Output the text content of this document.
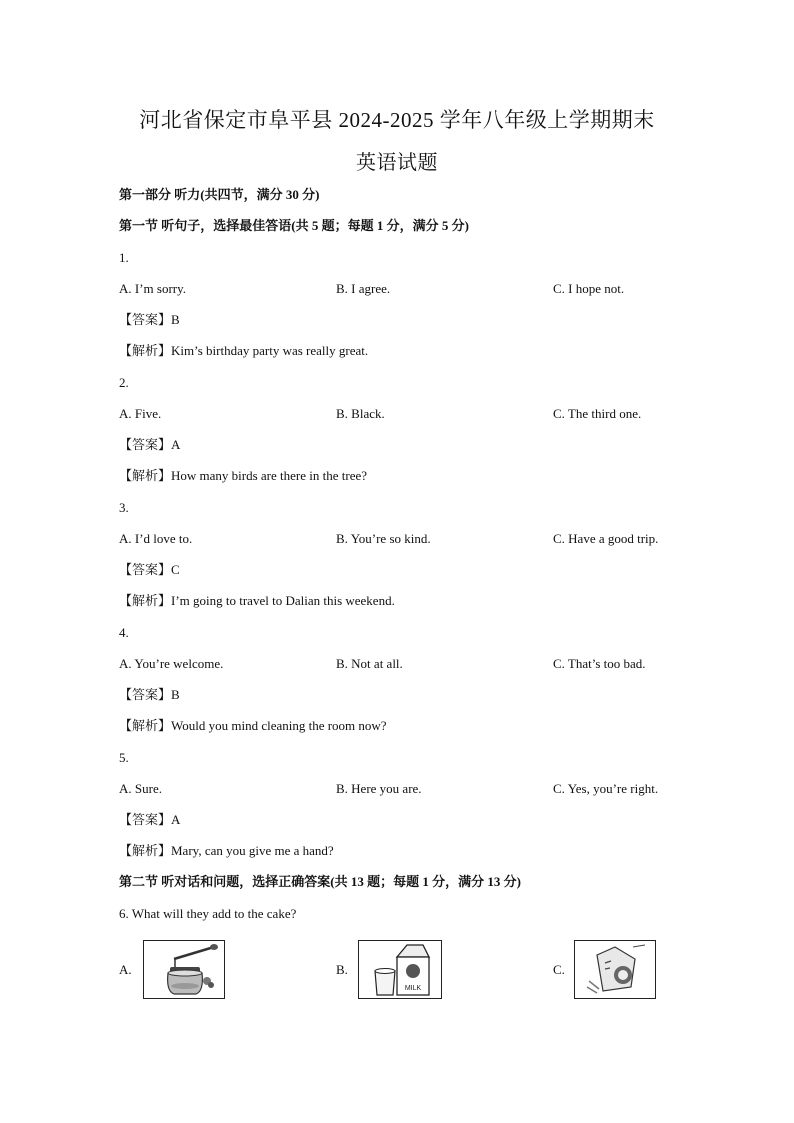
河北省保定市阜平县 2024-2025 学年八年级上学期期末
英语试题
第一部分 听力(共四节，满分 30 分)
第一节 听句子，选择最佳答语(共 5 题；每题 1 分，满分 5 分)
1.
A. I’m sorry.	B. I agree.	C. I hope not.
【答案】B
【解析】Kim’s birthday party was really great.
2.
A. Five.	B. Black.	C. The third one.
【答案】A
【解析】How many birds are there in the tree?
3.
A. I’d love to.	B. You’re so kind.	C. Have a good trip.
【答案】C
【解析】I’m going to travel to Dalian this weekend.
4.
A. You’re welcome.	B. Not at all.	C. That’s too bad.
【答案】B
【解析】Would you mind cleaning the room now?
5.
A. Sure.	B. Here you are.	C. Yes, you’re right.
【答案】A
【解析】Mary, can you give me a hand?
第二节 听对话和问题，选择正确答案(共 13 题；每题 1 分，满分 13 分)
6. What will they add to the cake?
A.	B.
MILK
C.
